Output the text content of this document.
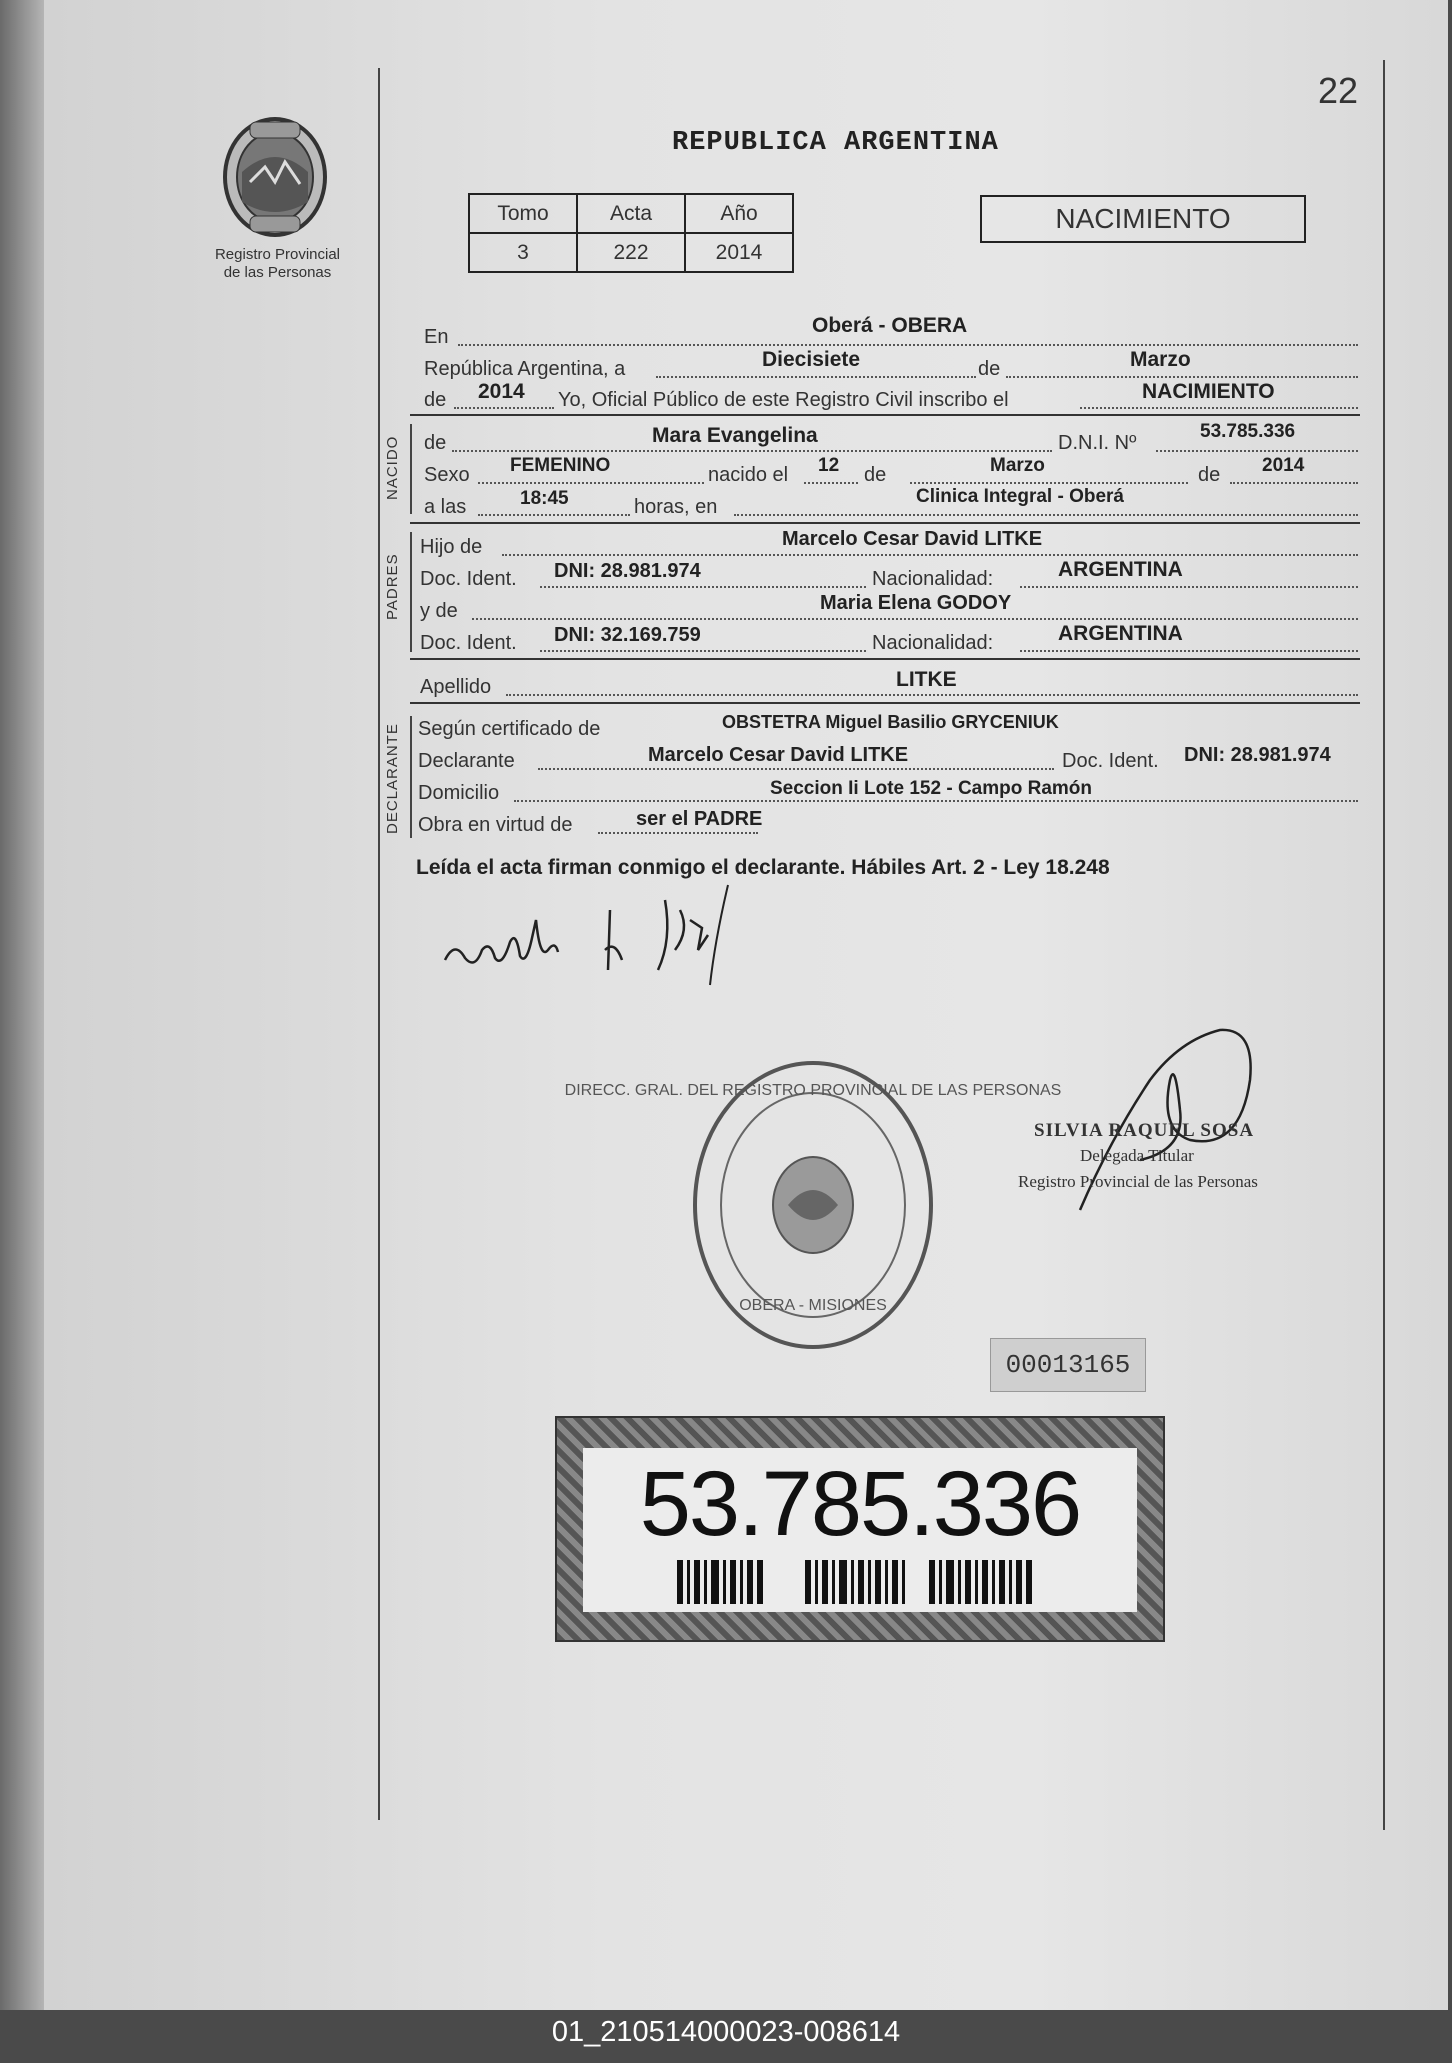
22
REPUBLICA ARGENTINA
Registro Provincial
de las Personas
Tomo	Acta	Año
3	222	2014
NACIMIENTO
En	Oberá - OBERA
República Argentina, a	Diecisiete	de	Marzo
de 2014 Yo, Oficial Público de este Registro Civil inscribo el	NACIMIENTO
NACIDO de	Mara Evangelina	D.N.I. Nº
53.785.336
Sexo FEMENINO	nacido el 12 de	Marzo	de 2014
a las	18:45	horas, en	Clinica Integral - Oberá
PADRES
Hijo de	Marcelo Cesar David LITKE
Doc. Ident. DNI: 28.981.974	Nacionalidad:	ARGENTINA
y de	Maria Elena GODOY
Doc. Ident. DNI: 32.169.759	Nacionalidad:	ARGENTINA
Apellido	LITKE
DECLARANTE Según certificado de	OBSTETRA Miguel Basilio GRYCENIUK
Declarante	Marcelo Cesar David LITKE	Doc. Ident. DNI: 28.981.974
Domicilio	Seccion Ii Lote 152 - Campo Ramón
Obra en virtud de	ser el PADRE
Leída el acta firman conmigo el declarante. Hábiles Art. 2 - Ley 18.248
DIRECC. GRAL. DEL REGISTRO PROVINCIAL DE LAS PERSONAS
OBERA - MISIONES
SILVIA RAQUEL SOSA
Delegada Titular
Registro Provincial de las Personas
00013165
53.785.336
01_210514000023-008614
